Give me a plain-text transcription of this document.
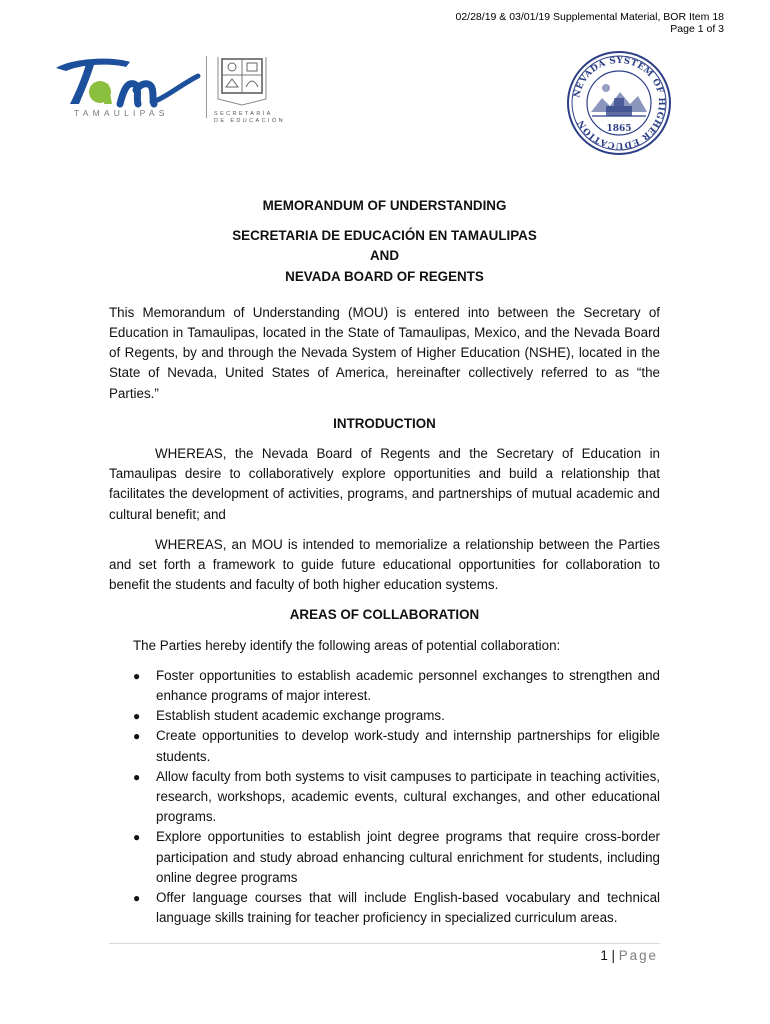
02/28/19 & 03/01/19 Supplemental Material, BOR Item 18
Page 1 of 3
TAMAULIPAS	SECRETARÍA
DE EDUCACIÓN
NEVADA SYSTEM OF HIGHER EDUCATION	1865
MEMORANDUM OF UNDERSTANDING
SECRETARIA DE EDUCACIÓN EN TAMAULIPAS
AND
NEVADA BOARD OF REGENTS

This Memorandum of Understanding (MOU) is entered into between the Secretary of Education in Tamaulipas, located in the State of Tamaulipas, Mexico, and the Nevada Board of Regents, by and through the Nevada System of Higher Education (NSHE), located in the State of Nevada, United States of America, hereinafter collectively referred to as “the Parties.”

INTRODUCTION

WHEREAS, the Nevada Board of Regents and the Secretary of Education in Tamaulipas desire to collaboratively explore opportunities and build a relationship that facilitates the development of activities, programs, and partnerships of mutual academic and cultural benefit; and

WHEREAS, an MOU is intended to memorialize a relationship between the Parties and set forth a framework to guide future educational opportunities for collaboration to benefit the students and faculty of both higher education systems.

AREAS OF COLLABORATION
The Parties hereby identify the following areas of potential collaboration:
● Foster opportunities to establish academic personnel exchanges to strengthen and enhance programs of major interest.
● Establish student academic exchange programs.
● Create opportunities to develop work-study and internship partnerships for eligible students.
● Allow faculty from both systems to visit campuses to participate in teaching activities, research, workshops, academic events, cultural exchanges, and other educational programs.
● Explore opportunities to establish joint degree programs that require cross-border participation and study abroad enhancing cultural enrichment for students, including online degree programs
● Offer language courses that will include English-based vocabulary and technical language skills training for teacher proficiency in specialized curriculum areas.
1 | Page
